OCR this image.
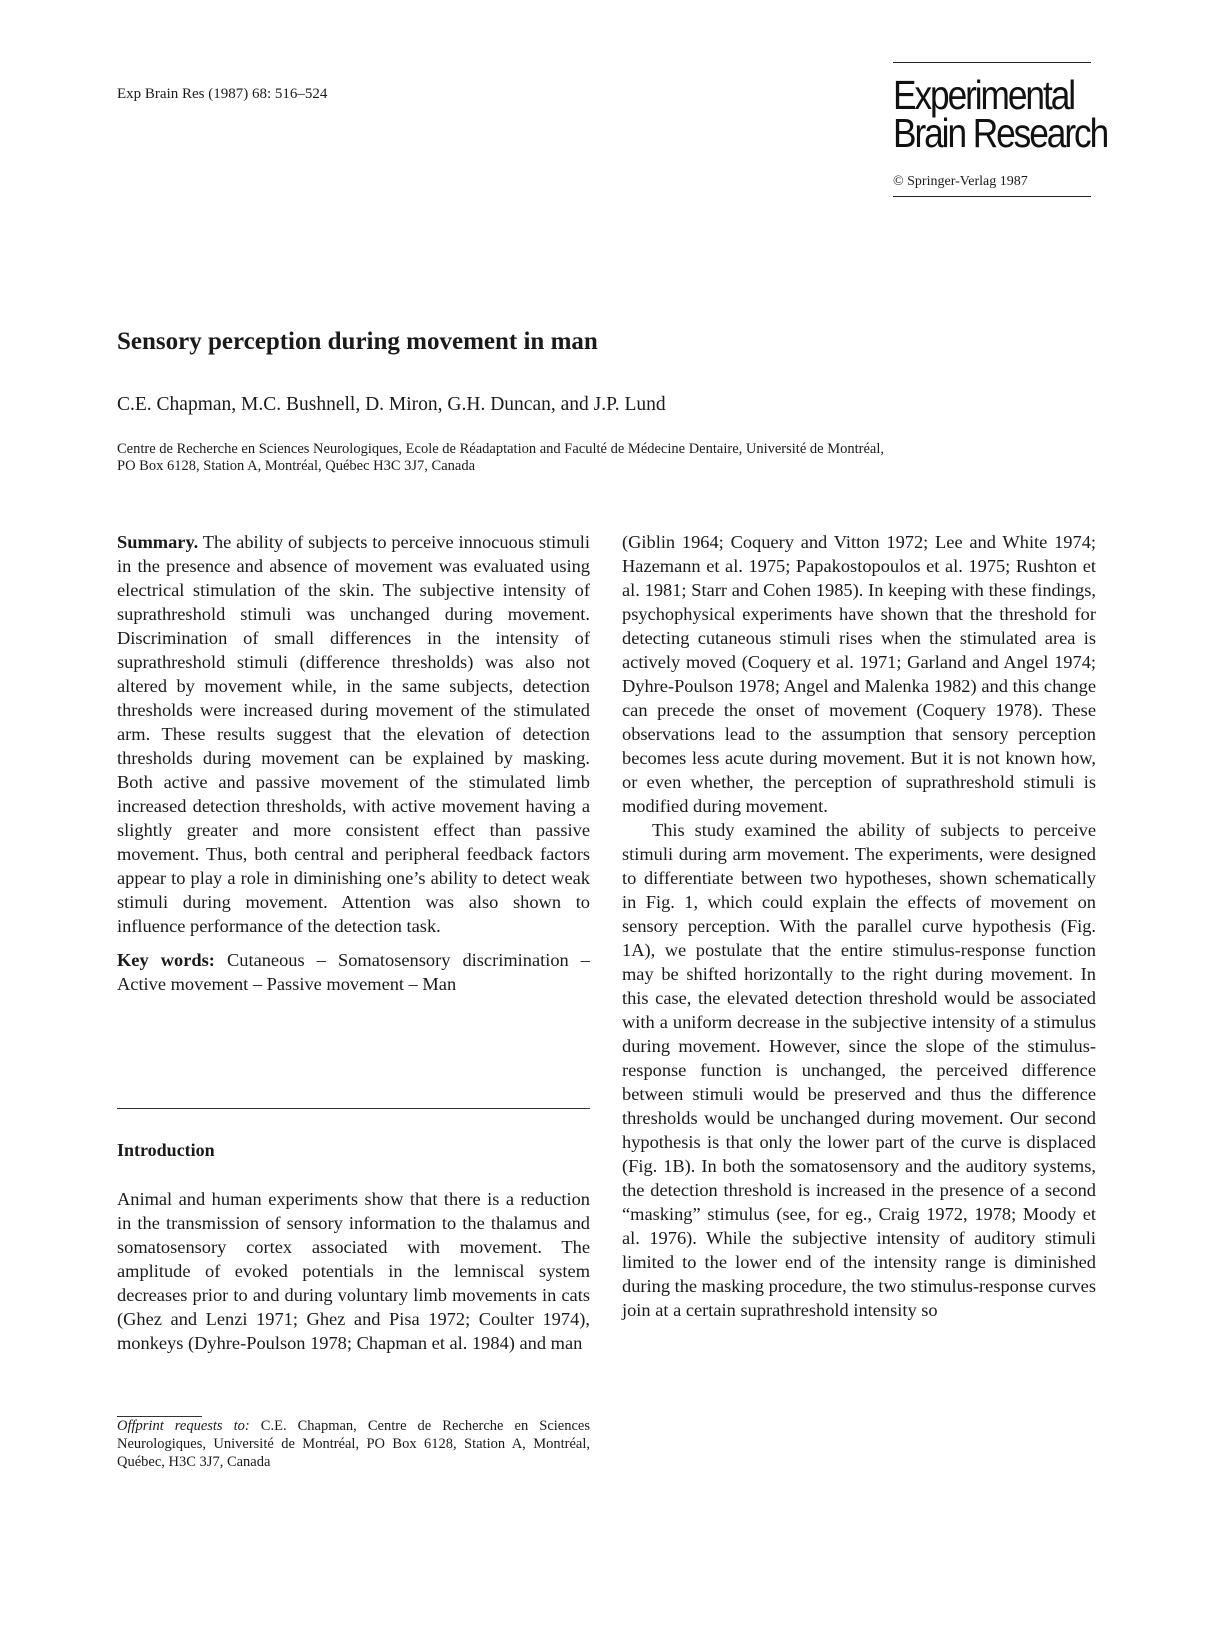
Exp Brain Res (1987) 68: 516–524	Experimental
Brain Research
© Springer-Verlag 1987
Sensory perception during movement in man
C.E. Chapman, M.C. Bushnell, D. Miron, G.H. Duncan, and J.P. Lund
Centre de Recherche en Sciences Neurologiques, Ecole de Réadaptation and Faculté de Médecine Dentaire, Université de Montréal,
PO Box 6128, Station A, Montréal, Québec H3C 3J7, Canada

Summary. The ability of subjects to perceive innocuous stimuli in the presence and absence of movement was evaluated using electrical stimulation of the skin. The subjective intensity of suprathreshold stimuli was unchanged during movement. Discrimination of small differences in the intensity of suprathreshold stimuli (difference thresholds) was also not altered by movement while, in the same subjects, detection thresholds were increased during movement of the stimulated arm. These results suggest that the elevation of detection thresholds during movement can be explained by masking. Both active and passive movement of the stimulated limb increased detection thresholds, with active movement having a slightly greater and more consistent effect than passive movement. Thus, both central and peripheral feedback factors appear to play a role in diminishing one’s ability to detect weak stimuli during movement. Attention was also shown to influence performance of the detection task.

Key words: Cutaneous – Somatosensory discrimination – Active movement – Passive movement – Man

Introduction

Animal and human experiments show that there is a reduction in the transmission of sensory information to the thalamus and somatosensory cortex associated with movement. The amplitude of evoked potentials in the lemniscal system decreases prior to and during voluntary limb movements in cats (Ghez and Lenzi 1971; Ghez and Pisa 1972; Coulter 1974), monkeys (Dyhre-Poulson 1978; Chapman et al. 1984) and man

Offprint requests to: C.E. Chapman, Centre de Recherche en Sciences Neurologiques, Université de Montréal, PO Box 6128, Station A, Montréal, Québec, H3C 3J7, Canada

(Giblin 1964; Coquery and Vitton 1972; Lee and White 1974; Hazemann et al. 1975; Papakostopoulos et al. 1975; Rushton et al. 1981; Starr and Cohen 1985). In keeping with these findings, psychophysical experiments have shown that the threshold for detecting cutaneous stimuli rises when the stimulated area is actively moved (Coquery et al. 1971; Garland and Angel 1974; Dyhre-Poulson 1978; Angel and Malenka 1982) and this change can precede the onset of movement (Coquery 1978). These observations lead to the assumption that sensory perception becomes less acute during movement. But it is not known how, or even whether, the perception of suprathreshold stimuli is modified during movement.

This study examined the ability of subjects to perceive stimuli during arm movement. The experiments, were designed to differentiate between two hypotheses, shown schematically in Fig. 1, which could explain the effects of movement on sensory perception. With the parallel curve hypothesis (Fig. 1A), we postulate that the entire stimulus-response function may be shifted horizontally to the right during movement. In this case, the elevated detection threshold would be associated with a uniform decrease in the subjective intensity of a stimulus during movement. However, since the slope of the stimulus-response function is unchanged, the perceived difference between stimuli would be preserved and thus the difference thresholds would be unchanged during movement. Our second hypothesis is that only the lower part of the curve is displaced (Fig. 1B). In both the somatosensory and the auditory systems, the detection threshold is increased in the presence of a second “masking” stimulus (see, for eg., Craig 1972, 1978; Moody et al. 1976). While the subjective intensity of auditory stimuli limited to the lower end of the intensity range is diminished during the masking procedure, the two stimulus-response curves join at a certain suprathreshold intensity so
